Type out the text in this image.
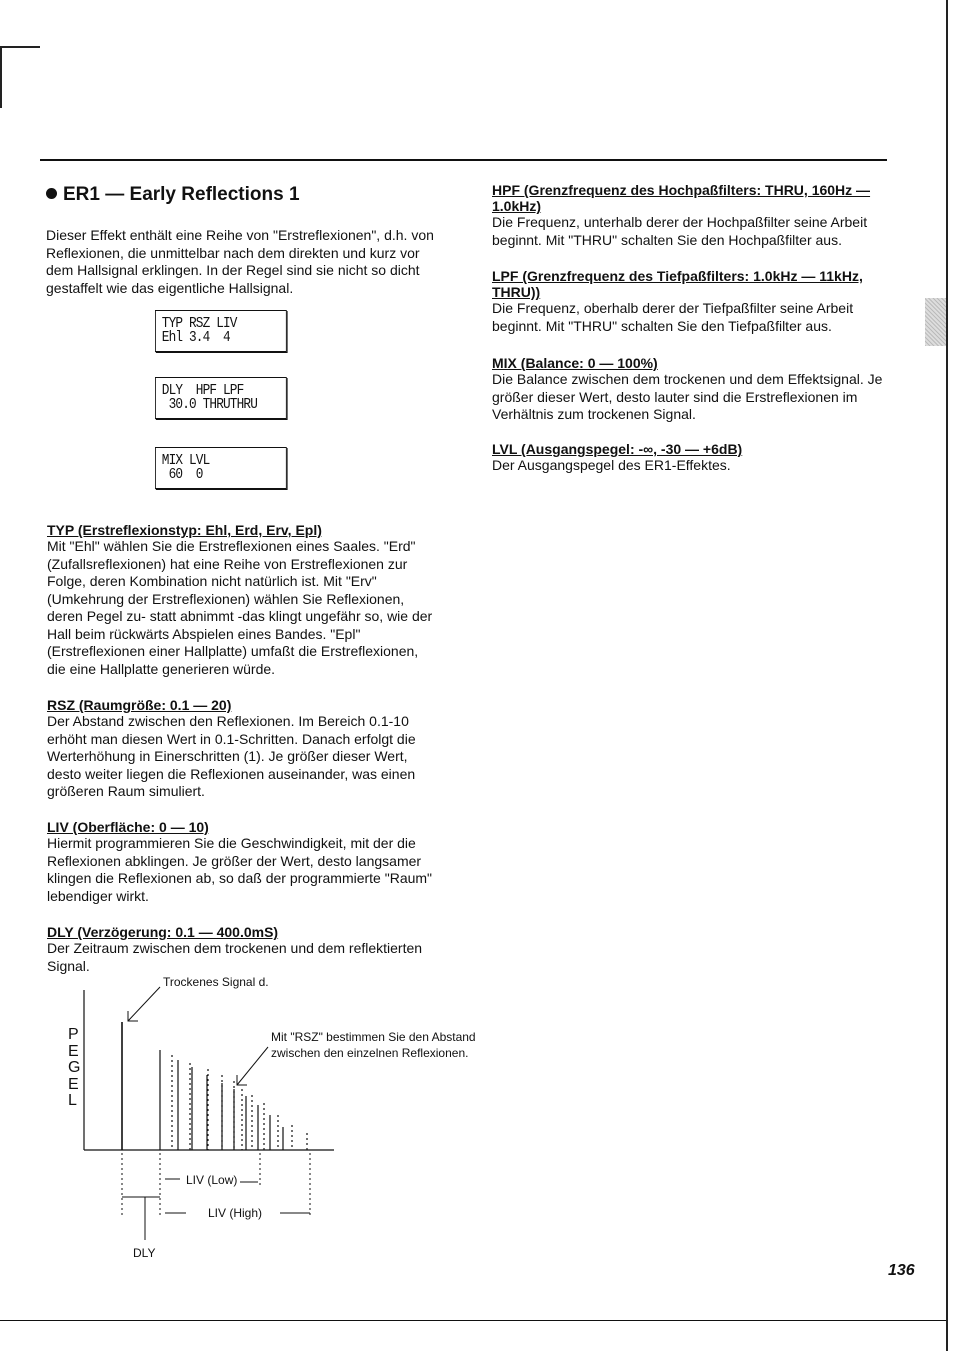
ER1 — Early Reflections 1
Dieser Effekt enthält eine Reihe von "Erstreflexionen", d.h. von Reflexionen, die unmittelbar nach dem direkten und kurz vor dem Hallsignal erklingen. In der Regel sind sie nicht so dicht gestaffelt wie das eigentliche Hallsignal.
TYP RSZ LIV
Ehl 3.4  4
DLY  HPF LPF
30.0 THRUTHRU
MIX LVL
60  0
TYP (Erstreflexionstyp: Ehl, Erd, Erv, Epl)
Mit "Ehl" wählen Sie die Erstreflexionen eines Saales. "Erd" (Zufallsreflexionen) hat eine Reihe von Erstreflexionen zur Folge, deren Kombination nicht natürlich ist. Mit "Erv" (Umkehrung der Erstreflexionen) wählen Sie Reflexionen, deren Pegel zu- statt abnimmt -das klingt ungefähr so, wie der Hall beim rückwärts Abspielen eines Bandes. "Epl" (Erstreflexionen einer Hallplatte) umfaßt die Erstreflexionen, die eine Hallplatte generieren würde.
RSZ (Raumgröße: 0.1 — 20)
Der Abstand zwischen den Reflexionen. Im Bereich 0.1-10 erhöht man diesen Wert in 0.1-Schritten. Danach erfolgt die Werterhöhung in Einerschritten (1). Je größer dieser Wert, desto weiter liegen die Reflexionen auseinander, was einen größeren Raum simuliert.
LIV (Oberfläche: 0 — 10)
Hiermit programmieren Sie die Geschwindigkeit, mit der die Reflexionen abklingen. Je größer der Wert, desto langsamer klingen die Reflexionen ab, so daß der programmierte "Raum" lebendiger wirkt.
DLY (Verzögerung: 0.1 — 400.0mS)
Der Zeitraum zwischen dem trockenen und dem reflektierten Signal.
HPF (Grenzfrequenz des Hochpaßfilters: THRU, 160Hz — 1.0kHz)
Die Frequenz, unterhalb derer der Hochpaßfilter seine Arbeit beginnt. Mit "THRU" schalten Sie den Hochpaßfilter aus.
LPF (Grenzfrequenz des Tiefpaßfilters: 1.0kHz — 11kHz, THRU))
Die Frequenz, oberhalb derer der Tiefpaßfilter seine Arbeit beginnt. Mit "THRU" schalten Sie den Tiefpaßfilter aus.
MIX (Balance: 0 — 100%)
Die Balance zwischen dem trockenen und dem Effektsignal. Je größer dieser Wert, desto lauter sind die Erstreflexionen im Verhältnis zum trockenen Signal.
LVL (Ausgangspegel: -∞, -30 — +6dB)
Der Ausgangspegel des ER1-Effektes.
Trockenes Signal d.
Mit "RSZ" bestimmen Sie den Abstand zwischen den einzelnen Reflexionen.
P
E
G
E
L
LIV (Low)
LIV (High)
DLY
136
